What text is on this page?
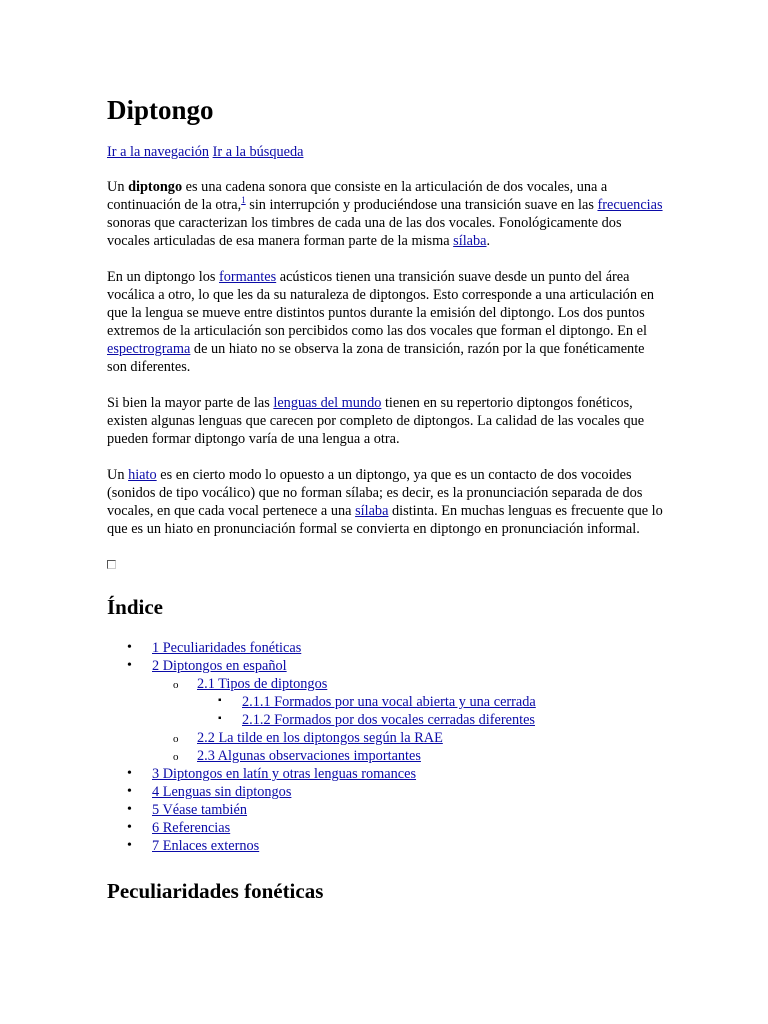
Diptongo
Ir a la navegación Ir a la búsqueda

Un diptongo es una cadena sonora que consiste en la articulación de dos vocales, una a continuación de la otra,$^1$ sin interrupción y produciéndose una transición suave en las frecuencias sonoras que caracterizan los timbres de cada una de las dos vocales. Fonológicamente dos vocales articuladas de esa manera forman parte de la misma sílaba.

En un diptongo los formantes acústicos tienen una transición suave desde un punto del área vocálica a otro, lo que les da su naturaleza de diptongos. Esto corresponde a una articulación en que la lengua se mueve entre distintos puntos durante la emisión del diptongo. Los dos puntos extremos de la articulación son percibidos como las dos vocales que forman el diptongo. En el espectrograma de un hiato no se observa la zona de transición, razón por la que fonéticamente son diferentes.

Si bien la mayor parte de las lenguas del mundo tienen en su repertorio diptongos fonéticos, existen algunas lenguas que carecen por completo de diptongos. La calidad de las vocales que pueden formar diptongo varía de una lengua a otra.

Un hiato es en cierto modo lo opuesto a un diptongo, ya que es un contacto de dos vocoides (sonidos de tipo vocálico) que no forman sílaba; es decir, es la pronunciación separada de dos vocales, en que cada vocal pertenece a una sílaba distinta. En muchas lenguas es frecuente que lo que es un hiato en pronunciación formal se convierta en diptongo en pronunciación informal.

Índice
• 1 Peculiaridades fonéticas
• 2 Diptongos en español
o 2.1 Tipos de diptongos
▪ 2.1.1 Formados por una vocal abierta y una cerrada
▪ 2.1.2 Formados por dos vocales cerradas diferentes
o 2.2 La tilde en los diptongos según la RAE
o 2.3 Algunas observaciones importantes
• 3 Diptongos en latín y otras lenguas romances
• 4 Lenguas sin diptongos
• 5 Véase también
• 6 Referencias
• 7 Enlaces externos
Peculiaridades fonéticas
